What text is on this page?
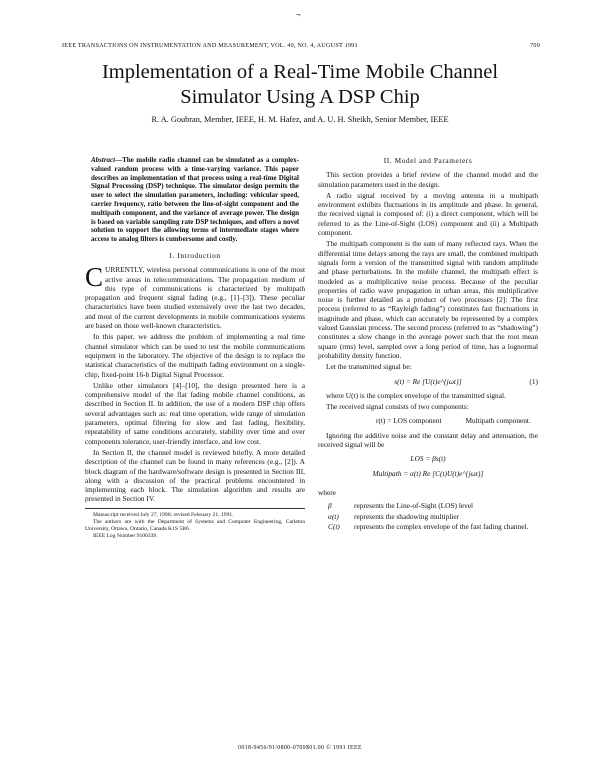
¬
IEEE TRANSACTIONS ON INSTRUMENTATION AND MEASUREMENT, VOL. 40, NO. 4, AUGUST 1991	709
Implementation of a Real-Time Mobile Channel
Simulator Using A DSP Chip
R. A. Goubran, Member, IEEE, H. M. Hafez, and A. U. H. Sheikh, Senior Member, IEEE

Abstract—The mobile radio channel can be simulated as a complex-valued random process with a time-varying variance. This paper describes an implementation of that process using a real-time Digital Signal Processing (DSP) technique. The simulator design permits the user to select the simulation parameters, including: vehicular speed, carrier frequency, ratio between the line-of-sight component and the multipath component, and the variance of average power. The design is based on variable sampling rate DSP techniques, and offers a novel solution to support the allowing terms of intermediate stages where access to analog filters is cumbersome and costly.

I. Introduction

CURRENTLY, wireless personal communications is one of the most active areas in telecommunications. The propagation medium of this type of communications is characterized by multipath propagation and frequent signal fading (e.g., [1]–[3]). These peculiar characteristics have been studied extensively over the last two decades, and most of the current developments in mobile communications systems are based on those well-known characteristics.

In this paper, we address the problem of implementing a real time channel simulator which can be used to test the mobile communications equipment in the laboratory. The objective of the design is to replace the statistical characteristics of the multipath fading environment on a single-chip, fixed-point 16-b Digital Signal Processor.

Unlike other simulators [4]–[10], the design presented here is a comprehensive model of the flat fading mobile channel conditions, as described in Section II. In addition, the use of a modern DSP chip offers several advantages such as: real time operation, wide range of simulation parameters, optimal filtering for slow and fast fading, flexibility, repeatability of same conditions accurately, stability over time and over components tolerance, user-friendly interface, and low cost.

In Section II, the channel model is reviewed briefly. A more detailed description of the channel can be found in many references (e.g., [2]). A block diagram of the hardware/software design is presented in Section III, along with a discussion of the practical problems encountered in implementing each block. The simulation algorithm and results are presented in Section IV.

Manuscript received July 27, 1990; revised February 21, 1991.
The authors are with the Department of Systems and Computer Engineering, Carleton University, Ottawa, Ontario, Canada K1S 5B6.
IEEE Log Number 9100339.
II. Model and Parameters

This section provides a brief review of the channel model and the simulation parameters used in the design.

A radio signal received by a moving antenna in a multipath environment exhibits fluctuations in its amplitude and phase. In general, the received signal is composed of: (i) a direct component, which will be referred to as the Line-of-Sight (LOS) component and (ii) a Multipath component.

The multipath component is the sum of many reflected rays. When the differential time delays among the rays are small, the combined multipath signals form a version of the transmitted signal with random amplitude and phase perturbations. In the mobile channel, the multipath effect is modeled as a multiplicative noise process. Because of the peculiar properties of radio wave propagation in urban areas, this multiplicative noise is further detailed as a product of two processes [2]: The first process (referred to as “Rayleigh fading”) constitutes fast fluctuations in magnitude and phase, which can accurately be represented by a complex valued Gaussian process. The second process (referred to as “shadowing”) constitutes a slow change in the average power such that the root mean square (rms) level, sampled over a long period of time, has a lognormal probability density function.

Let the transmitted signal be:

s(t) = Re [U(t)e^{jωt}]	(1)

where U(t) is the complex envelope of the transmitted signal.

The received signal consists of two components:

r(t) = LOS component	Multipath component.

Ignoring the additive noise and the constant delay and attenuation, the received signal will be

LOS = βs(t)
Multipath = α(t) Re [C(t)U(t)e^{jωt}]
where
β	represents the Line-of-Sight (LOS) level
α(t)	represents the shadowing multiplier
C(t)	represents the complex envelope of the fast fading channel.
0018-9456/91/0800-0709$01.00 © 1991 IEEE
